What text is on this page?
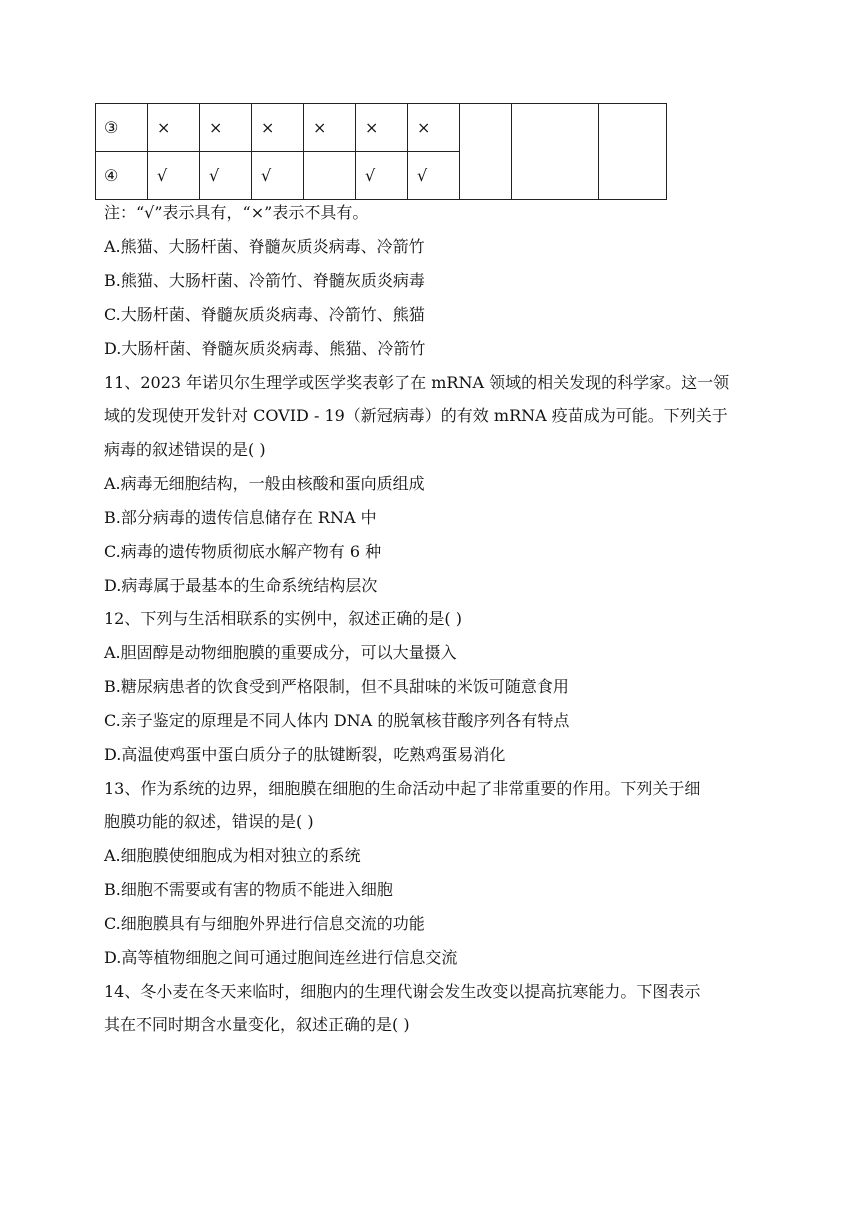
③	×	×	×	×	×	×			
④	√	√	√		√	√			
注：“√”表示具有，“×”表示不具有。
A.熊猫、大肠杆菌、脊髓灰质炎病毒、冷箭竹
B.熊猫、大肠杆菌、冷箭竹、脊髓灰质炎病毒
C.大肠杆菌、脊髓灰质炎病毒、冷箭竹、熊猫
D.大肠杆菌、脊髓灰质炎病毒、熊猫、冷箭竹
11、2023 年诺贝尔生理学或医学奖表彰了在 mRNA 领域的相关发现的科学家。这一领
域的发现使开发针对 COVID - 19（新冠病毒）的有效 mRNA 疫苗成为可能。下列关于
病毒的叙述错误的是( )
A.病毒无细胞结构，一般由核酸和蛋向质组成
B.部分病毒的遗传信息储存在 RNA 中
C.病毒的遗传物质彻底水解产物有 6 种
D.病毒属于最基本的生命系统结构层次
12、下列与生活相联系的实例中，叙述正确的是( )
A.胆固醇是动物细胞膜的重要成分，可以大量摄入
B.糖尿病患者的饮食受到严格限制，但不具甜味的米饭可随意食用
C.亲子鉴定的原理是不同人体内 DNA 的脱氧核苷酸序列各有特点
D.高温使鸡蛋中蛋白质分子的肽键断裂，吃熟鸡蛋易消化
13、作为系统的边界，细胞膜在细胞的生命活动中起了非常重要的作用。下列关于细
胞膜功能的叙述，错误的是( )
A.细胞膜使细胞成为相对独立的系统
B.细胞不需要或有害的物质不能进入细胞
C.细胞膜具有与细胞外界进行信息交流的功能
D.高等植物细胞之间可通过胞间连丝进行信息交流
14、冬小麦在冬天来临时，细胞内的生理代谢会发生改变以提高抗寒能力。下图表示
其在不同时期含水量变化，叙述正确的是( )
